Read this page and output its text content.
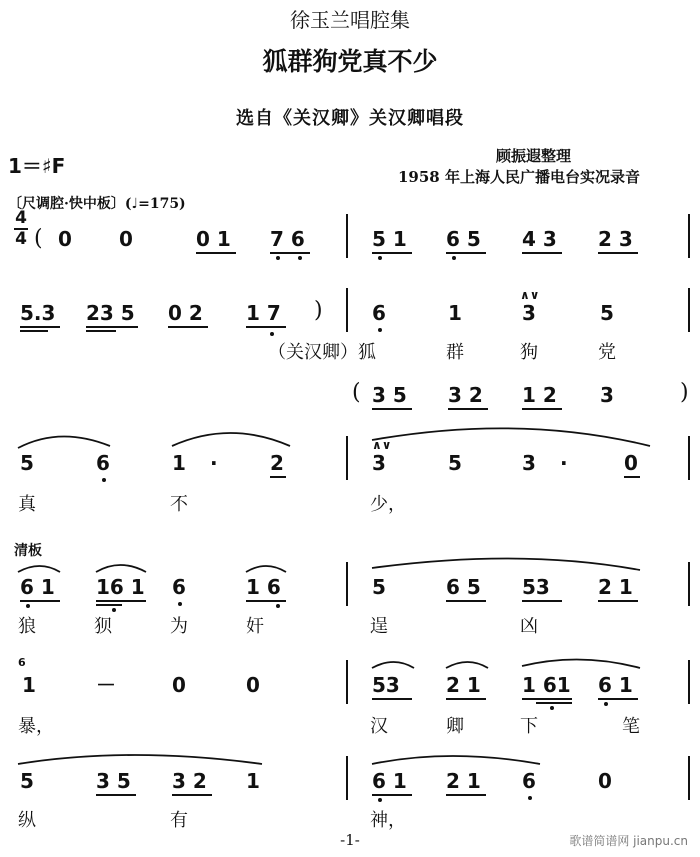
徐玉兰唱腔集
狐群狗党真不少
选自《关汉卿》关汉卿唱段
1＝♯F	顾振遐整理
1958 年上海人民广播电台实况录音
〔尺调腔·快中板〕(♩=175)
4
4 ( 0 0	0 1 7 6	5 1 6 5 4 3 2 3
5.3 23 5 0 2 1 7 ) 6	1	3	5
∧∨
（关汉卿）狐	群	狗	党
( 3 5 3 2 1 2 3	)
5	6	1 ·	2	3	5	3 ·	0
∧∨
真	不	少，
清板
6 1 16 1 6	1 6	5	6 5 53 2 1
狼	狈	为	奸	逞	凶
6
1	－	0	0	53 2 1 1 61 6 1
暴，	汉	卿	下	笔
5	3 5 3 2 1	6 1 2 1 6	0
纵	有	神，
-1-	歌谱简谱网 jianpu.cn
